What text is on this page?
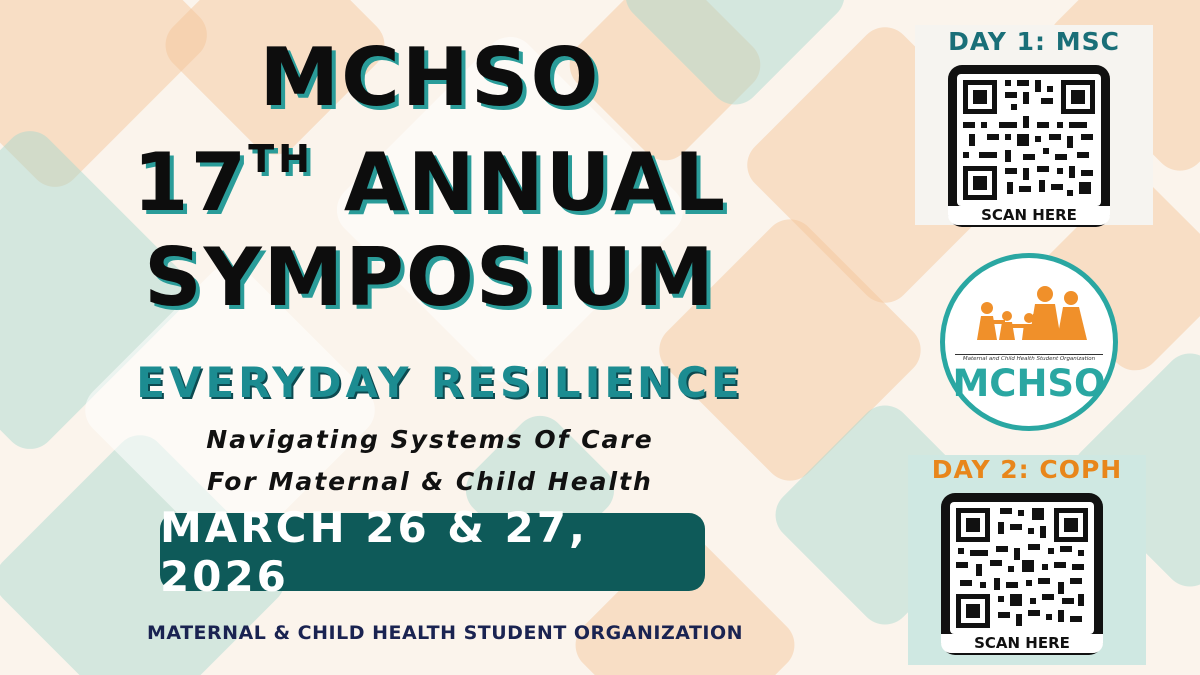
MCHSO
17TH ANNUAL
SYMPOSIUM
EVERYDAY RESILIENCE
Navigating Systems Of Care
For Maternal & Child Health
MARCH 26 & 27, 2026
MATERNAL & CHILD HEALTH STUDENT ORGANIZATION
DAY 1: MSC
SCAN HERE
Maternal and Child Health Student Organization
MCHSO
DAY 2: COPH
SCAN HERE
